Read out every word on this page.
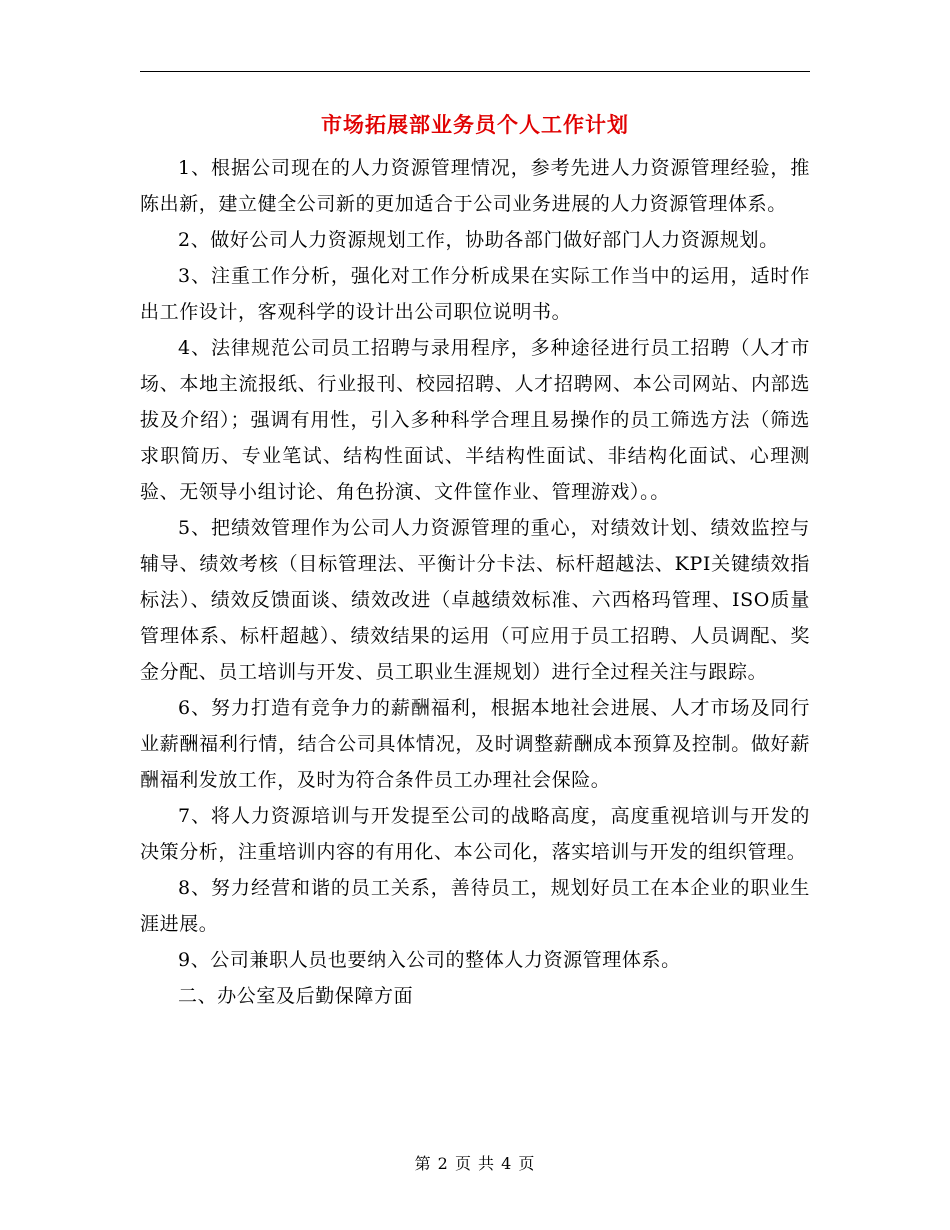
市场拓展部业务员个人工作计划

1、根据公司现在的人力资源管理情况，参考先进人力资源管理经验，推陈出新，建立健全公司新的更加适合于公司业务进展的人力资源管理体系。

2、做好公司人力资源规划工作，协助各部门做好部门人力资源规划。

3、注重工作分析，强化对工作分析成果在实际工作当中的运用，适时作出工作设计，客观科学的设计出公司职位说明书。

4、法律规范公司员工招聘与录用程序，多种途径进行员工招聘（人才市场、本地主流报纸、行业报刊、校园招聘、人才招聘网、本公司网站、内部选拔及介绍）；强调有用性，引入多种科学合理且易操作的员工筛选方法（筛选求职简历、专业笔试、结构性面试、半结构性面试、非结构化面试、心理测验、无领导小组讨论、角色扮演、文件筐作业、管理游戏）。。

5、把绩效管理作为公司人力资源管理的重心，对绩效计划、绩效监控与辅导、绩效考核（目标管理法、平衡计分卡法、标杆超越法、KPI关键绩效指标法）、绩效反馈面谈、绩效改进（卓越绩效标准、六西格玛管理、ISO质量管理体系、标杆超越）、绩效结果的运用（可应用于员工招聘、人员调配、奖金分配、员工培训与开发、员工职业生涯规划）进行全过程关注与跟踪。

6、努力打造有竞争力的薪酬福利，根据本地社会进展、人才市场及同行业薪酬福利行情，结合公司具体情况，及时调整薪酬成本预算及控制。做好薪酬福利发放工作，及时为符合条件员工办理社会保险。

7、将人力资源培训与开发提至公司的战略高度，高度重视培训与开发的决策分析，注重培训内容的有用化、本公司化，落实培训与开发的组织管理。

8、努力经营和谐的员工关系，善待员工，规划好员工在本企业的职业生涯进展。

9、公司兼职人员也要纳入公司的整体人力资源管理体系。

二、办公室及后勤保障方面

第 2 页 共 4 页
